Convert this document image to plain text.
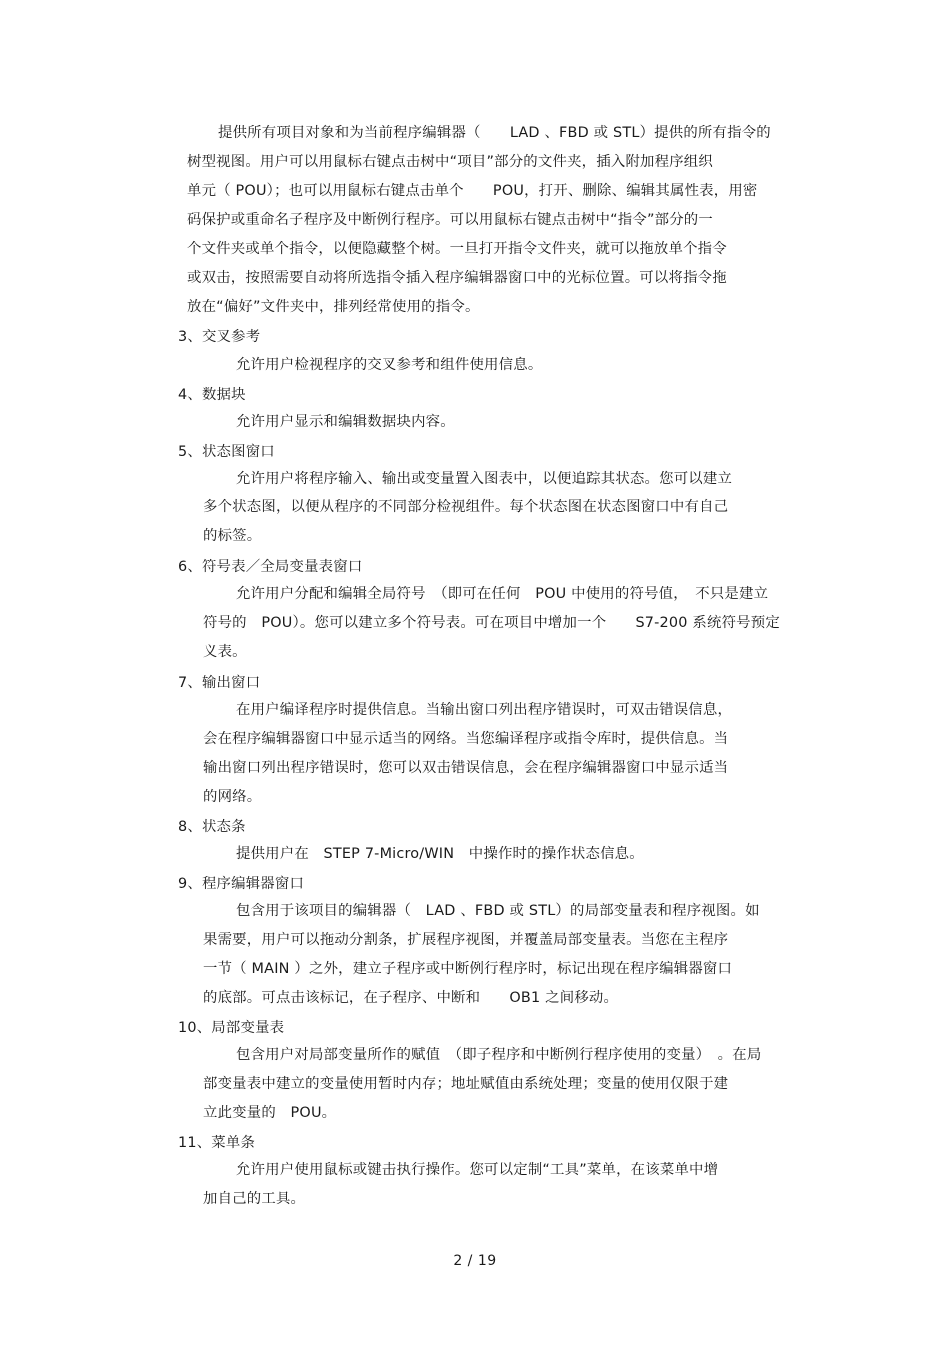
提供所有项目对象和为当前程序编辑器（　　LAD 、FBD 或 STL）提供的所有指令的
树型视图。用户可以用鼠标右键点击树中“项目”部分的文件夹，插入附加程序组织
单元（ POU）；也可以用鼠标右键点击单个　　POU，打开、删除、编辑其属性表，用密
码保护或重命名子程序及中断例行程序。可以用鼠标右键点击树中“指令”部分的一
个文件夹或单个指令，以便隐藏整个树。一旦打开指令文件夹，就可以拖放单个指令
或双击，按照需要自动将所选指令插入程序编辑器窗口中的光标位置。可以将指令拖
放在“偏好”文件夹中，排列经常使用的指令。
3、交叉参考
允许用户检视程序的交叉参考和组件使用信息。
4、数据块
允许用户显示和编辑数据块内容。
5、状态图窗口
允许用户将程序输入、输出或变量置入图表中，以便追踪其状态。您可以建立
多个状态图，以便从程序的不同部分检视组件。每个状态图在状态图窗口中有自己
的标签。
6、符号表／全局变量表窗口
允许用户分配和编辑全局符号　（即可在任何　POU 中使用的符号值，　不只是建立
符号的　POU）。您可以建立多个符号表。可在项目中增加一个　　S7-200 系统符号预定
义表。
7、输出窗口
在用户编译程序时提供信息。当输出窗口列出程序错误时，可双击错误信息，
会在程序编辑器窗口中显示适当的网络。当您编译程序或指令库时，提供信息。当
输出窗口列出程序错误时，您可以双击错误信息，会在程序编辑器窗口中显示适当
的网络。
8、状态条
提供用户在　STEP 7-Micro/WIN　中操作时的操作状态信息。
9、程序编辑器窗口
包含用于该项目的编辑器（　LAD 、FBD 或 STL）的局部变量表和程序视图。如
果需要，用户可以拖动分割条，扩展程序视图，并覆盖局部变量表。当您在主程序
一节（ MAIN ）之外，建立子程序或中断例行程序时，标记出现在程序编辑器窗口
的底部。可点击该标记，在子程序、中断和　　OB1 之间移动。
10、局部变量表
包含用户对局部变量所作的赋值　（即子程序和中断例行程序使用的变量）　。在局
部变量表中建立的变量使用暂时内存；地址赋值由系统处理；变量的使用仅限于建
立此变量的　POU。
11、菜单条
允许用户使用鼠标或键击执行操作。您可以定制“工具”菜单，在该菜单中增
加自己的工具。
2 / 19
